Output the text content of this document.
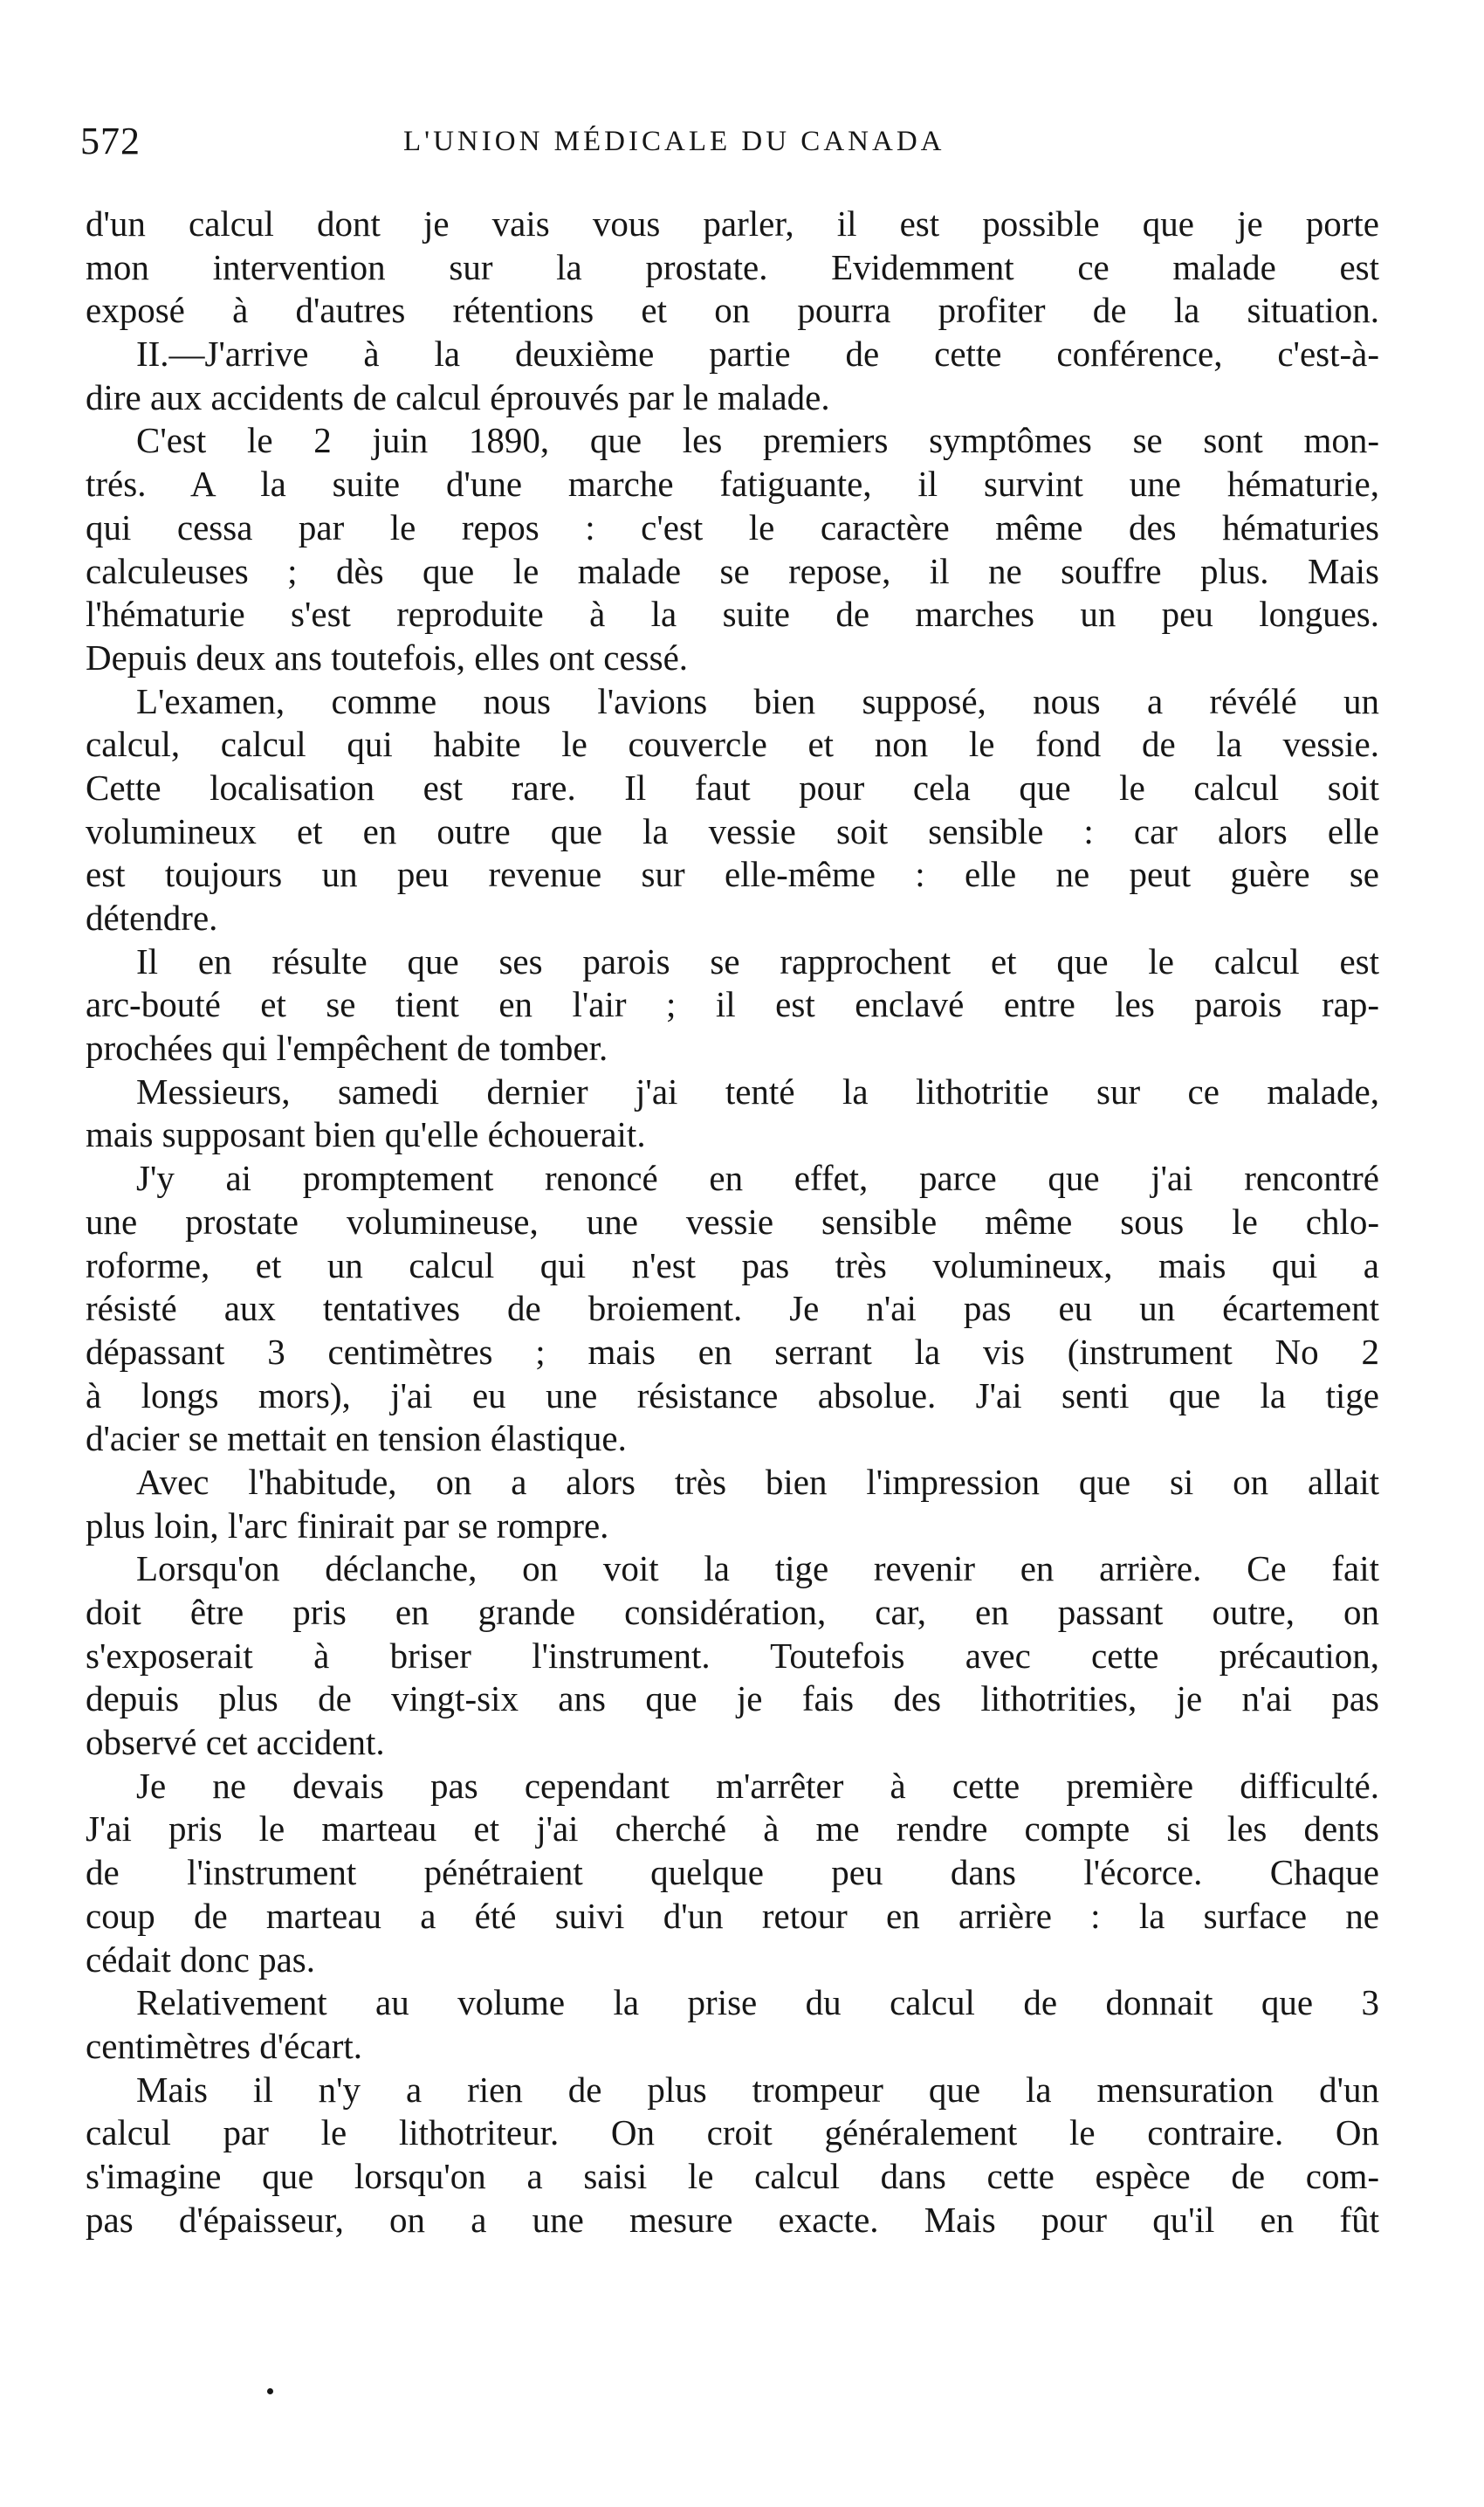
572	L'UNION MÉDICALE DU CANADA
d'un calcul dont je vais vous parler, il est possible que je porte
mon intervention sur la prostate. Evidemment ce malade est
exposé à d'autres rétentions et on pourra profiter de la situation.
II.—J'arrive à la deuxième partie de cette conférence, c'est-à-
dire aux accidents de calcul éprouvés par le malade.
C'est le 2 juin 1890, que les premiers symptômes se sont mon-
trés. A la suite d'une marche fatiguante, il survint une hématurie,
qui cessa par le repos : c'est le caractère même des hématuries
calculeuses ; dès que le malade se repose, il ne souffre plus. Mais
l'hématurie s'est reproduite à la suite de marches un peu longues.
Depuis deux ans toutefois, elles ont cessé.
L'examen, comme nous l'avions bien supposé, nous a révélé un
calcul, calcul qui habite le couvercle et non le fond de la vessie.
Cette localisation est rare. Il faut pour cela que le calcul soit
volumineux et en outre que la vessie soit sensible : car alors elle
est toujours un peu revenue sur elle-même : elle ne peut guère se
détendre.
Il en résulte que ses parois se rapprochent et que le calcul est
arc-bouté et se tient en l'air ; il est enclavé entre les parois rap-
prochées qui l'empêchent de tomber.
Messieurs, samedi dernier j'ai tenté la lithotritie sur ce malade,
mais supposant bien qu'elle échouerait.
J'y ai promptement renoncé en effet, parce que j'ai rencontré
une prostate volumineuse, une vessie sensible même sous le chlo-
roforme, et un calcul qui n'est pas très volumineux, mais qui a
résisté aux tentatives de broiement. Je n'ai pas eu un écartement
dépassant 3 centimètres ; mais en serrant la vis (instrument No 2
à longs mors), j'ai eu une résistance absolue. J'ai senti que la tige
d'acier se mettait en tension élastique.
Avec l'habitude, on a alors très bien l'impression que si on allait
plus loin, l'arc finirait par se rompre.
Lorsqu'on déclanche, on voit la tige revenir en arrière. Ce fait
doit être pris en grande considération, car, en passant outre, on
s'exposerait à briser l'instrument. Toutefois avec cette précaution,
depuis plus de vingt-six ans que je fais des lithotrities, je n'ai pas
observé cet accident.
Je ne devais pas cependant m'arrêter à cette première difficulté.
J'ai pris le marteau et j'ai cherché à me rendre compte si les dents
de l'instrument pénétraient quelque peu dans l'écorce. Chaque
coup de marteau a été suivi d'un retour en arrière : la surface ne
cédait donc pas.
Relativement au volume la prise du calcul de donnait que 3
centimètres d'écart.
Mais il n'y a rien de plus trompeur que la mensuration d'un
calcul par le lithotriteur. On croit généralement le contraire. On
s'imagine que lorsqu'on a saisi le calcul dans cette espèce de com-
pas d'épaisseur, on a une mesure exacte. Mais pour qu'il en fût
